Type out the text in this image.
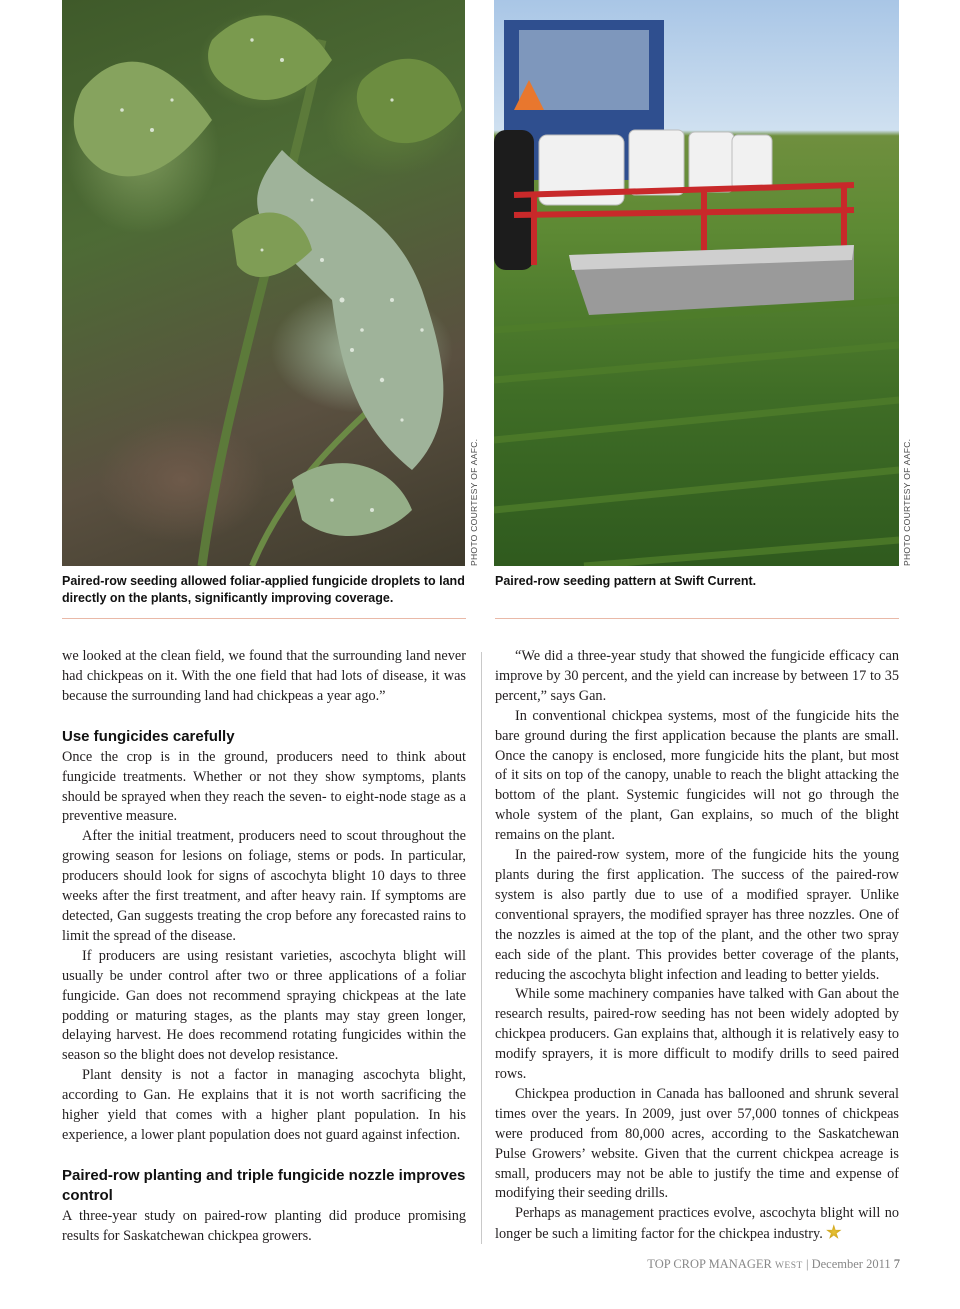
PHOTO COURTESY OF AAFC.	PHOTO COURTESY OF AAFC.
Paired-row seeding allowed foliar-applied fungicide droplets to land directly on the plants, significantly improving coverage.
Paired-row seeding pattern at Swift Current.

we looked at the clean field, we found that the surrounding land never had chickpeas on it. With the one field that had lots of disease, it was because the surrounding land had chickpeas a year ago.”

Use fungicides carefully

Once the crop is in the ground, producers need to think about fungicide treatments. Whether or not they show symptoms, plants should be sprayed when they reach the seven- to eight-node stage as a preventive measure.

After the initial treatment, producers need to scout throughout the growing season for lesions on foliage, stems or pods. In particular, producers should look for signs of ascochyta blight 10 days to three weeks after the first treatment, and after heavy rain. If symptoms are detected, Gan suggests treating the crop before any forecasted rains to limit the spread of the disease.

If producers are using resistant varieties, ascochyta blight will usually be under control after two or three applications of a foliar fungicide. Gan does not recommend spraying chickpeas at the late podding or maturing stages, as the plants may stay green longer, delaying harvest. He does recommend rotating fungicides within the season so the blight does not develop resistance.

Plant density is not a factor in managing ascochyta blight, according to Gan. He explains that it is not worth sacrificing the higher yield that comes with a higher plant population. In his experience, a lower plant population does not guard against infection.

Paired-row planting and triple fungicide nozzle improves control

A three-year study on paired-row planting did produce promising results for Saskatchewan chickpea growers.

“We did a three-year study that showed the fungicide efficacy can improve by 30 percent, and the yield can increase by between 17 to 35 percent,” says Gan.

In conventional chickpea systems, most of the fungicide hits the bare ground during the first application because the plants are small. Once the canopy is enclosed, more fungicide hits the plant, but most of it sits on top of the canopy, unable to reach the blight attacking the bottom of the plant. Systemic fungicides will not go through the whole system of the plant, Gan explains, so much of the blight remains on the plant.

In the paired-row system, more of the fungicide hits the young plants during the first application. The success of the paired-row system is also partly due to use of a modified sprayer. Unlike conventional sprayers, the modified sprayer has three nozzles. One of the nozzles is aimed at the top of the plant, and the other two spray each side of the plant. This provides better coverage of the plants, reducing the ascochyta blight infection and leading to better yields.

While some machinery companies have talked with Gan about the research results, paired-row seeding has not been widely adopted by chickpea producers. Gan explains that, although it is relatively easy to modify sprayers, it is more difficult to modify drills to seed paired rows.

Chickpea production in Canada has ballooned and shrunk several times over the years. In 2009, just over 57,000 tonnes of chickpeas were produced from 80,000 acres, according to the Saskatchewan Pulse Growers’ website. Given that the current chickpea acreage is small, producers may not be able to justify the time and expense of modifying their seeding drills.

Perhaps as management practices evolve, ascochyta blight will no longer be such a limiting factor for the chickpea industry.

TOP CROP MANAGER WEST | December 2011 7
